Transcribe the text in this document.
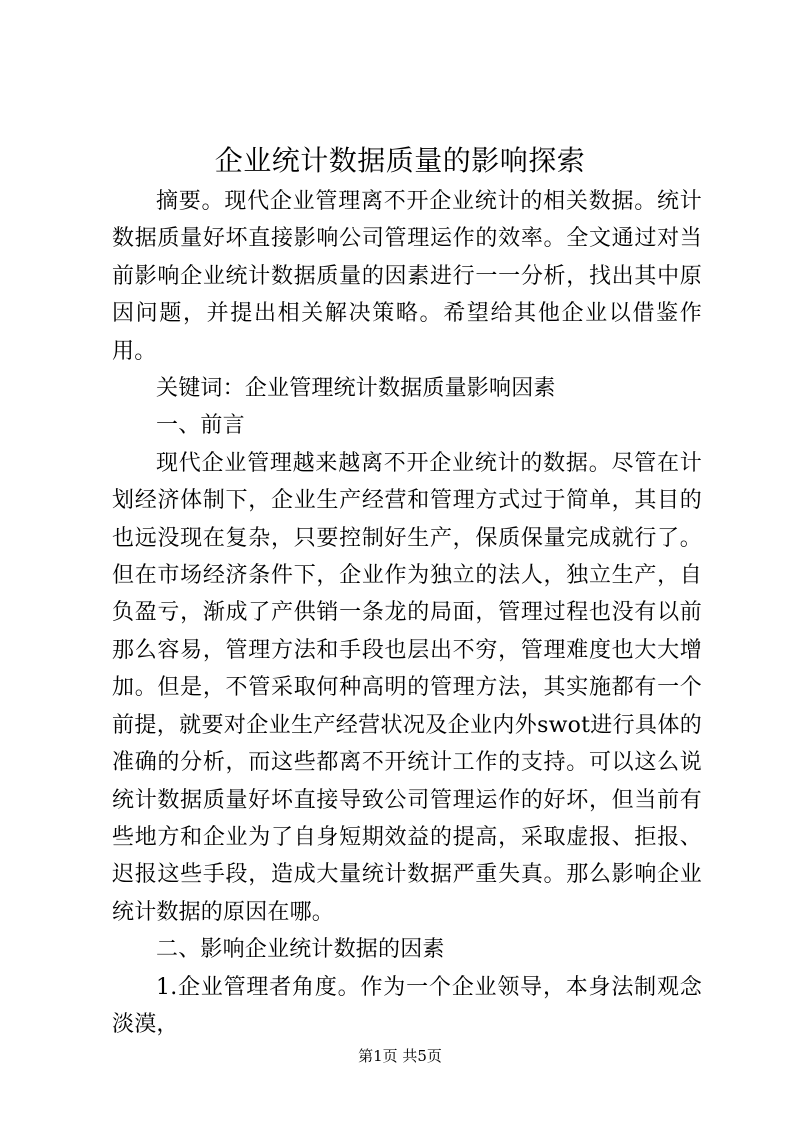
企业统计数据质量的影响探索

摘要。现代企业管理离不开企业统计的相关数据。统计数据质量好坏直接影响公司管理运作的效率。全文通过对当前影响企业统计数据质量的因素进行一一分析，找出其中原因问题，并提出相关解决策略。希望给其他企业以借鉴作用。

关键词：企业管理统计数据质量影响因素

一、前言

现代企业管理越来越离不开企业统计的数据。尽管在计划经济体制下，企业生产经营和管理方式过于简单，其目的也远没现在复杂，只要控制好生产，保质保量完成就行了。但在市场经济条件下，企业作为独立的法人，独立生产，自负盈亏，渐成了产供销一条龙的局面，管理过程也没有以前那么容易，管理方法和手段也层出不穷，管理难度也大大增加。但是，不管采取何种高明的管理方法，其实施都有一个前提，就要对企业生产经营状况及企业内外swot进行具体的准确的分析，而这些都离不开统计工作的支持。可以这么说统计数据质量好坏直接导致公司管理运作的好坏，但当前有些地方和企业为了自身短期效益的提高，采取虚报、拒报、迟报这些手段，造成大量统计数据严重失真。那么影响企业统计数据的原因在哪。

二、影响企业统计数据的因素

1.企业管理者角度。作为一个企业领导，本身法制观念淡漠，

第1页 共5页
